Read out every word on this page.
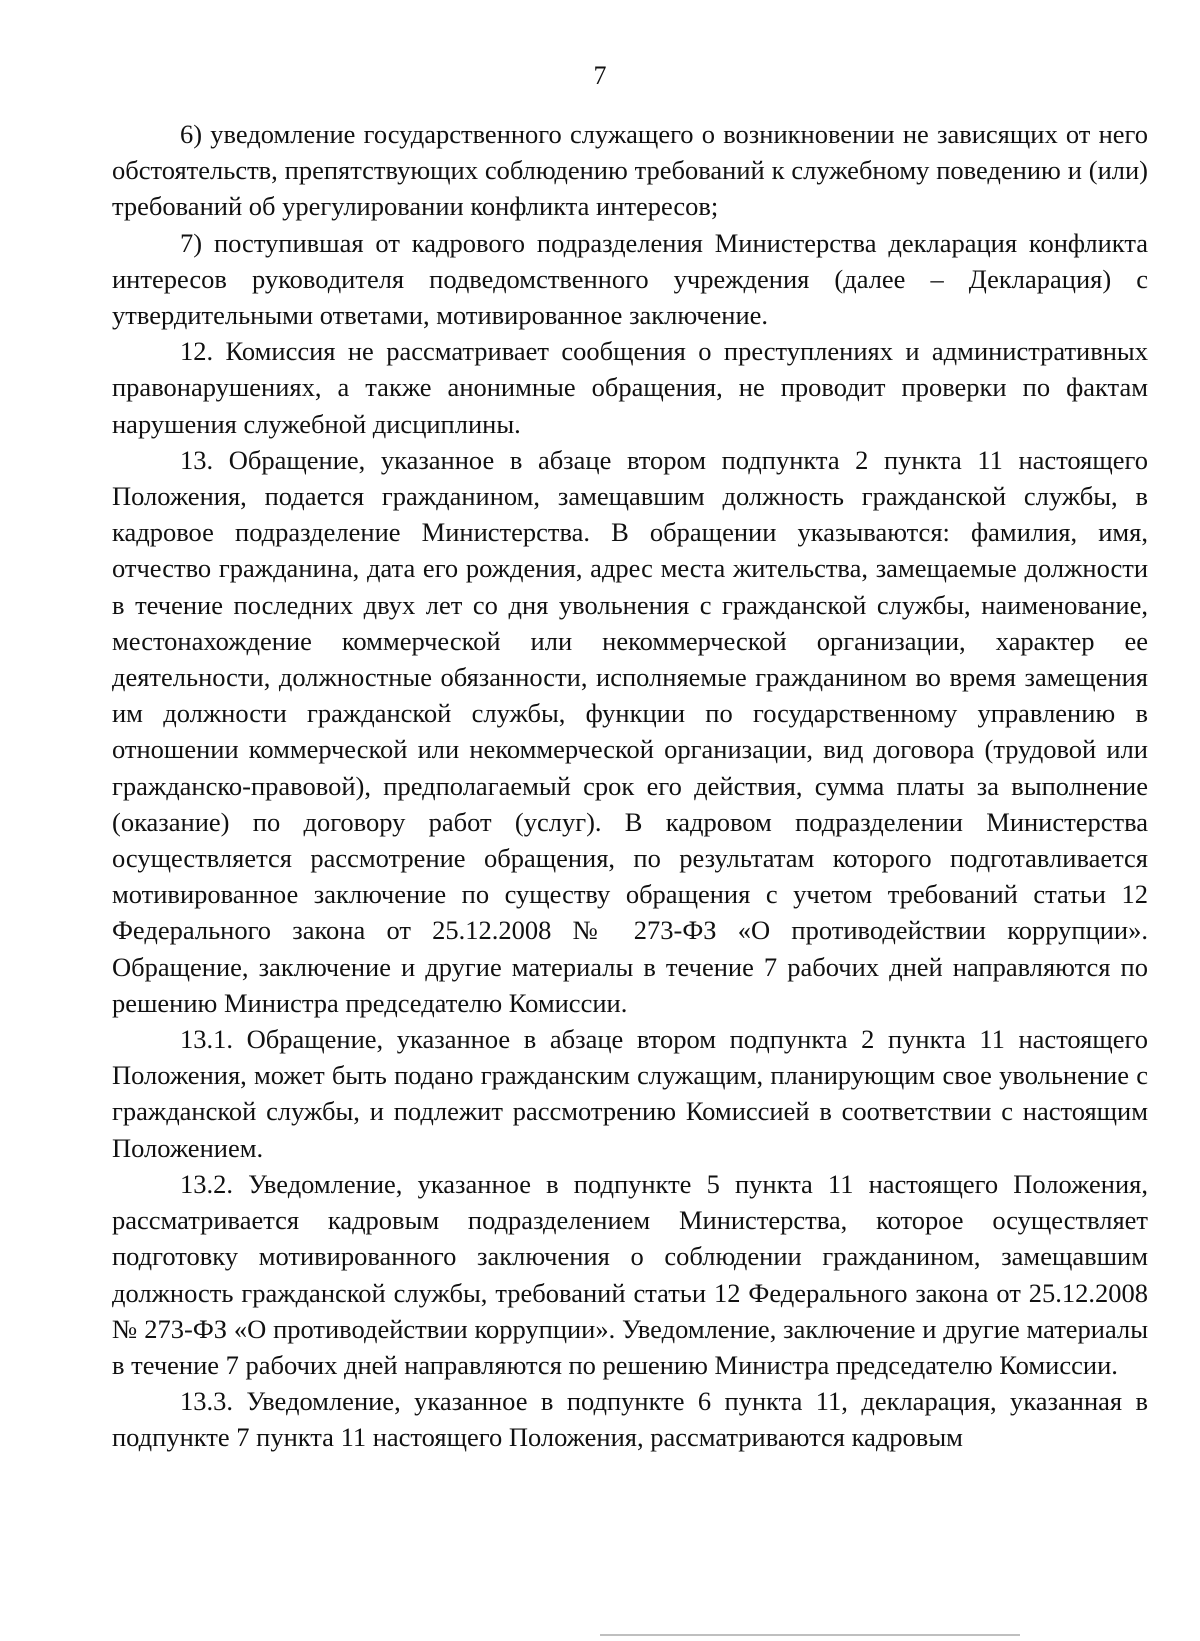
7

6) уведомление государственного служащего о возникновении не зависящих от него обстоятельств, препятствующих соблюдению требований к служебному поведению и (или) требований об урегулировании конфликта интересов;

7) поступившая от кадрового подразделения Министерства декларация конфликта интересов руководителя подведомственного учреждения (далее – Декларация) с утвердительными ответами, мотивированное заключение.

12. Комиссия не рассматривает сообщения о преступлениях и административных правонарушениях, а также анонимные обращения, не проводит проверки по фактам нарушения служебной дисциплины.

13. Обращение, указанное в абзаце втором подпункта 2 пункта 11 настоящего Положения, подается гражданином, замещавшим должность гражданской службы, в кадровое подразделение Министерства. В обращении указываются: фамилия, имя, отчество гражданина, дата его рождения, адрес места жительства, замещаемые должности в течение последних двух лет со дня увольнения с гражданской службы, наименование, местонахождение коммерческой или некоммерческой организации, характер ее деятельности, должностные обязанности, исполняемые гражданином во время замещения им должности гражданской службы, функции по государственному управлению в отношении коммерческой или некоммерческой организации, вид договора (трудовой или гражданско-правовой), предполагаемый срок его действия, сумма платы за выполнение (оказание) по договору работ (услуг). В кадровом подразделении Министерства осуществляется рассмотрение обращения, по результатам которого подготавливается мотивированное заключение по существу обращения с учетом требований статьи 12 Федерального закона от 25.12.2008 № 273-ФЗ «О противодействии коррупции». Обращение, заключение и другие материалы в течение 7 рабочих дней направляются по решению Министра председателю Комиссии.

13.1. Обращение, указанное в абзаце втором подпункта 2 пункта 11 настоящего Положения, может быть подано гражданским служащим, планирующим свое увольнение с гражданской службы, и подлежит рассмотрению Комиссией в соответствии с настоящим Положением.

13.2. Уведомление, указанное в подпункте 5 пункта 11 настоящего Положения, рассматривается кадровым подразделением Министерства, которое осуществляет подготовку мотивированного заключения о соблюдении гражданином, замещавшим должность гражданской службы, требований статьи 12 Федерального закона от 25.12.2008 № 273-ФЗ «О противодействии коррупции». Уведомление, заключение и другие материалы в течение 7 рабочих дней направляются по решению Министра председателю Комиссии.

13.3. Уведомление, указанное в подпункте 6 пункта 11, декларация, указанная в подпункте 7 пункта 11 настоящего Положения, рассматриваются кадровым
